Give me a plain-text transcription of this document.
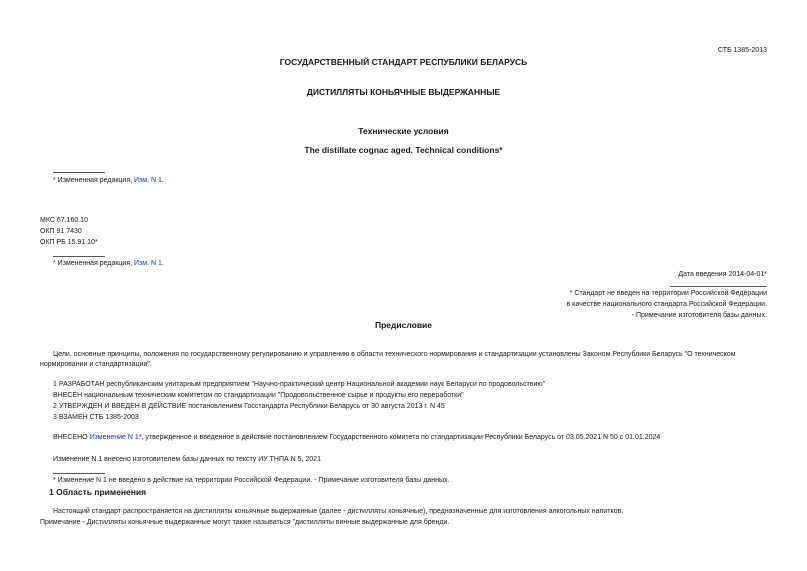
СТБ 1385-2013
ГОСУДАРСТВЕННЫЙ СТАНДАРТ РЕСПУБЛИКИ БЕЛАРУСЬ
ДИСТИЛЛЯТЫ КОНЬЯЧНЫЕ ВЫДЕРЖАННЫЕ
Технические условия
The distillate cognac aged. Technical conditions*
* Измененная редакция, Изм. N 1.
МКС 67.160.10
ОКП 91 7430
ОКП РБ 15.91.10*
* Измененная редакция, Изм. N 1.
Дата введения 2014-04-01*
* Стандарт не введен на территории Российской Федерации
в качестве национального стандарта Российской Федерации.
- Примечание изготовителя базы данных.
Предисловие
Цели, основные принципы, положения по государственному регулированию и управлению в области технического нормирования и стандартизации установлены Законом Республики Беларусь "О техническом
нормировании и стандартизации".
1 РАЗРАБОТАН республиканским унитарным предприятием "Научно-практический центр Национальной академии наук Беларуси по продовольствию"
ВНЕСЕН национальным техническим комитетом по стандартизации "Продовольственное сырье и продукты его переработки"
2 УТВЕРЖДЕН И ВВЕДЕН В ДЕЙСТВИЕ постановлением Госстандарта Республики Беларусь от 30 августа 2013 г. N 45
3 ВЗАМЕН СТБ 1385-2003
ВНЕСЕНО Изменение N 1*, утвержденное и введенное в действие постановлением Государственного комитета по стандартизации Республики Беларусь от 03.05.2021 N 50 с 01.01.2024
Изменение N 1 внесено изготовителем базы данных по тексту ИУ ТНПА N 5, 2021
* Изменение N 1 не введено в действие на территории Российской Федерации. - Примечание изготовителя базы данных.
1 Область применения
Настоящий стандарт распространяется на дистилляты коньячные выдержанные (далее - дистилляты коньячные), предназначенные для изготовления алкогольных напитков.
Примечание - Дистилляты коньячные выдержанные могут также называться "дистилляты винные выдержанные для бренди.
